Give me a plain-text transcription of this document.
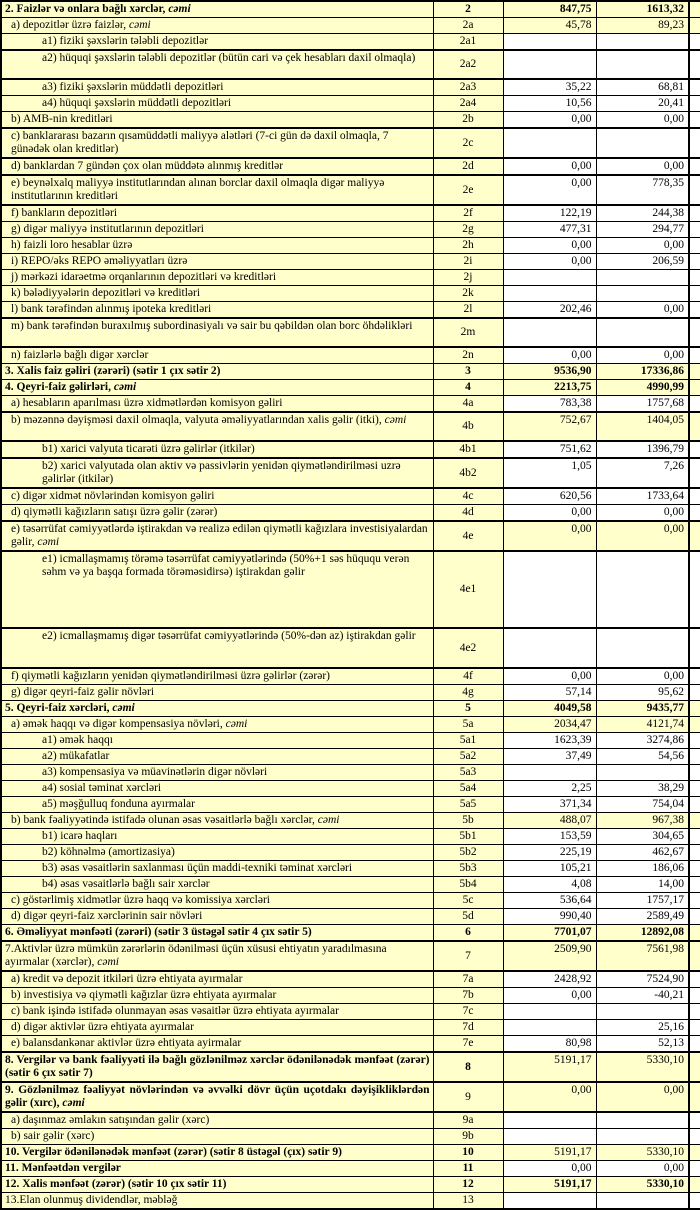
2. Faizlər və onlara bağlı xərclər, cəmi	2	847,75	1613,32	
a) depozitlər üzrə faizlər, cəmi	2a	45,78	89,23	
a1) fiziki şəxslərin tələbli depozitlər	2a1			
a2) hüquqi şəxslərin tələbli depozitlər (bütün cari və çek hesabları daxil olmaqla)	2a2			
a3) fiziki şəxslərin müddətli depozitləri	2a3	35,22	68,81	
a4) hüquqi şəxslərin müddətli depozitləri	2a4	10,56	20,41	
b) AMB-nin kreditləri	2b	0,00	0,00	
c) banklararası bazarın qısamüddətli maliyyə alətləri (7-ci gün də daxil olmaqla, 7 günədək olan kreditlər)	2c			
d) banklardan 7 gündən çox olan müddətə alınmış kreditlər	2d	0,00	0,00	
e) beynəlxalq maliyyə institutlarından alınan borclar daxil olmaqla digər maliyyə institutlarının kreditləri	2e	0,00	778,35	
f) bankların depozitləri	2f	122,19	244,38	
g) digər maliyyə institutlarının depozitləri	2g	477,31	294,77	
h) faizli loro hesablar üzrə	2h	0,00	0,00	
i) REPO/əks REPO əməliyyatları üzrə	2i	0,00	206,59	
j) mərkəzi idarəetmə orqanlarının depozitləri və kreditləri	2j			
k) bələdiyyələrin depozitləri və kreditləri	2k			
l) bank tərəfindən alınmış ipoteka kreditləri	2l	202,46	0,00	
m) bank tərəfindən buraxılmış subordinasiyalı və sair bu qəbildən olan borc öhdəlikləri	2m			
n) faizlərlə bağlı digər xərclər	2n	0,00	0,00	
3. Xalis faiz gəliri (zərəri) (sətir 1 çıx sətir 2)	3	9536,90	17336,86	
4. Qeyri-faiz gəlirləri, cəmi	4	2213,75	4990,99	
a) hesabların aparılması üzrə xidmətlərdən komisyon gəliri	4a	783,38	1757,68	
b) məzənnə dəyişməsi daxil olmaqla, valyuta əməliyyatlarından xalis gəlir (itki), cəmi	4b	752,67	1404,05	
b1) xarici valyuta ticarəti üzrə gəlirlər (itkilər)	4b1	751,62	1396,79	
b2) xarici valyutada olan aktiv və passivlərin yenidən qiymətləndirilməsi uzrə gəlirlər (itkilər)	4b2	1,05	7,26	
c) digər xidmət növlərindən komisyon gəliri	4c	620,56	1733,64	
d) qiymətli kağızların satışı üzrə gəlir (zərər)	4d	0,00	0,00	
e) təsərrüfat cəmiyyətlərdə iştirakdan və realizə edilən qiymətli kağızlara investisiyalardan gəlir, cəmi	4e	0,00	0,00	
e1) icmallaşmamış törəmə təsərrüfat cəmiyyətlərində (50%+1 səs hüququ verən səhm və ya başqa formada törəməsidirsə) iştirakdan gəlir	4e1			
e2) icmallaşmamış digər təsərrüfat cəmiyyətlərində (50%-dən az) iştirakdan gəlir	4e2			
f) qiymətli kağızların yenidən qiymətləndirilməsi üzrə gəlirlər (zərər)	4f	0,00	0,00	
g) digər qeyri-faiz gəlir növləri	4g	57,14	95,62	
5. Qeyri-faiz xərcləri, cəmi	5	4049,58	9435,77	
a) əmək haqqı və digər kompensasiya növləri, cəmi	5a	2034,47	4121,74	
a1) əmək haqqı	5a1	1623,39	3274,86	
a2) mükafatlar	5a2	37,49	54,56	
a3) kompensasiya və müavinətlərin digər növləri	5a3			
a4) sosial təminat xərcləri	5a4	2,25	38,29	
a5) məşğulluq fonduna ayırmalar	5a5	371,34	754,04	
b) bank fəaliyyətində istifadə olunan əsas vəsaitlərlə bağlı xərclər, cəmi	5b	488,07	967,38	
b1) icarə haqları	5b1	153,59	304,65	
b2) köhnəlmə (amortizasiya)	5b2	225,19	462,67	
b3) əsas vəsaitlərin saxlanması üçün maddi-texniki təminat xərcləri	5b3	105,21	186,06	
b4) əsas vəsaitlərlə bağlı sair xərclər	5b4	4,08	14,00	
c) göstərlimiş xidmətlər üzrə haqq və komissiya xərcləri	5c	536,64	1757,17	
d) digər qeyri-faiz xərclərinin sair növləri	5d	990,40	2589,49	
6. Əməliyyat mənfəəti (zərəri) (sətir 3 üstəgəl sətir 4 çıx sətir 5)	6	7701,07	12892,08	
7.Aktivlər üzrə mümkün zərərlərin ödənilməsi üçün xüsusi ehtiyatın yaradılmasına ayırmalar (xərclər), cəmi	7	2509,90	7561,98	
a) kredit və depozit itkiləri üzrə ehtiyata ayırmalar	7a	2428,92	7524,90	
b) investisiya və qiymətli kağızlar üzrə ehtiyata ayırmalar	7b	0,00	-40,21	
c) bank işində istifadə olunmayan əsas vəsaitlər üzrə ehtiyata ayırmalar	7c			
d) digər aktivlər üzrə ehtiyata ayırmalar	7d		25,16	
e) balansdankənar aktivlər üzrə ehtiyata ayirmalar	7e	80,98	52,13	
8. Vergilər və bank fəaliyyəti ilə bağlı gözlənilməz xərclər ödənilənədək mənfəət (zərər) (sətir 6 çıx sətir 7)	8	5191,17	5330,10	
9. Gözlənilməz fəaliyyət növlərindən və əvvəlki dövr üçün uçotdakı dəyişikliklərdən gəlir (xırc), cəmi	9	0,00	0,00	
a) daşınmaz əmlakın satışından gəlir (xərc)	9a			
b) sair gəlir (xərc)	9b			
10. Vergilər ödənilənədək mənfəət (zərər) (sətir 8 üstəgəl (çıx) sətir 9)	10	5191,17	5330,10	
11. Mənfəətdən vergilər	11	0,00	0,00	
12. Xalis mənfəət (zərər) (sətir 10 çıx sətir 11)	12	5191,17	5330,10	
13.Elan olunmuş dividendlər, məbləğ	13			
